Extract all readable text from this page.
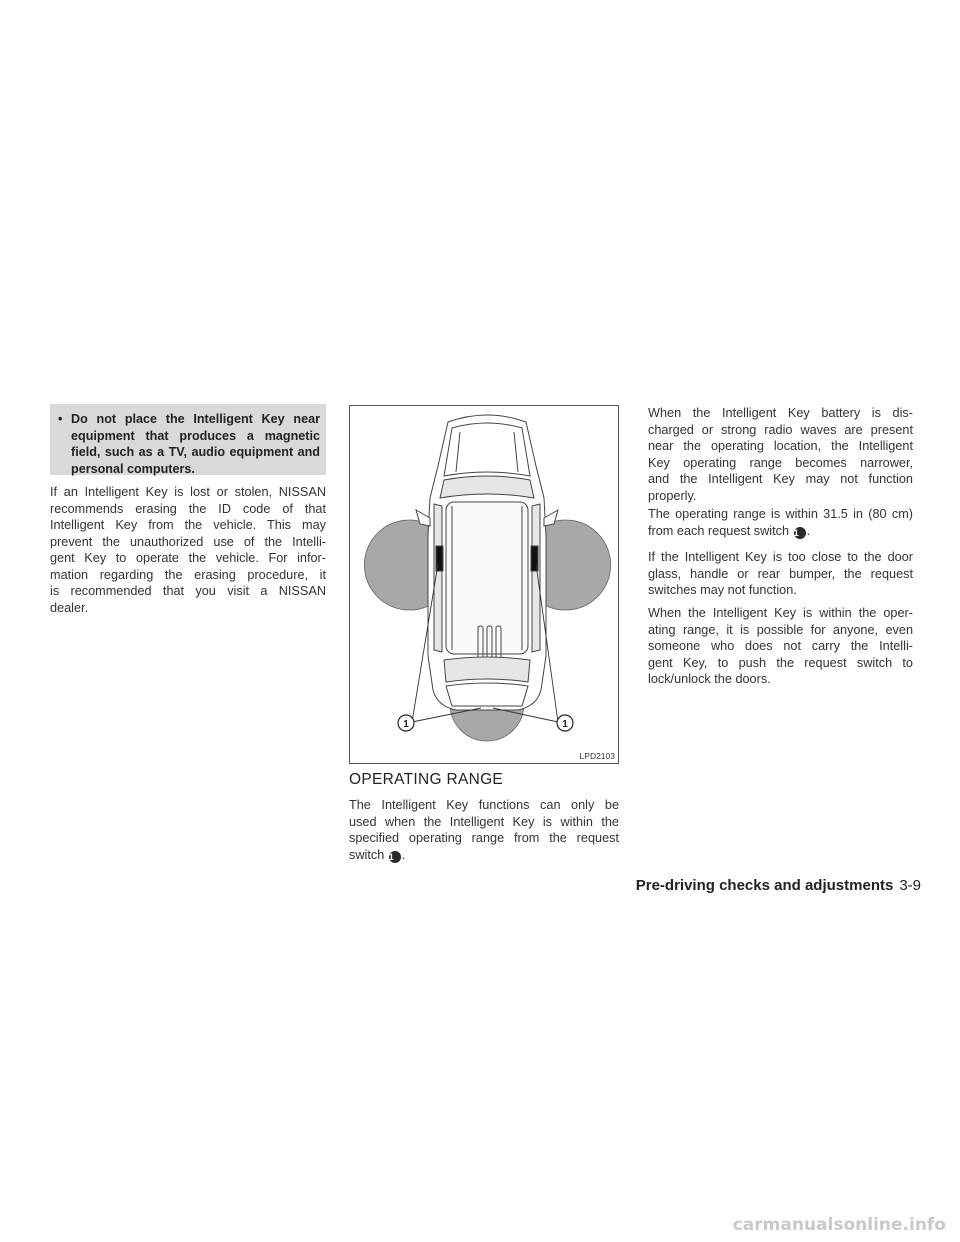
• Do not place the Intelligent Key near equipment that produces a magnetic field, such as a TV, audio equipment and personal computers.
If an Intelligent Key is lost or stolen, NISSAN
recommends erasing the ID code of that
Intelligent Key from the vehicle. This may
prevent the unauthorized use of the Intelli-
gent Key to operate the vehicle. For infor-
mation regarding the erasing procedure, it
is recommended that you visit a NISSAN
dealer.
1	1
LPD2103
OPERATING RANGE
The Intelligent Key functions can only be
used when the Intelligent Key is within the
specified operating range from the request
switch 1 .
When the Intelligent Key battery is dis-
charged or strong radio waves are present
near the operating location, the Intelligent
Key operating range becomes narrower,
and the Intelligent Key may not function
properly.
The operating range is within 31.5 in (80 cm)
from each request switch 1 .
If the Intelligent Key is too close to the door
glass, handle or rear bumper, the request
switches may not function.
When the Intelligent Key is within the oper-
ating range, it is possible for anyone, even
someone who does not carry the Intelli-
gent Key, to push the request switch to
lock/unlock the doors.
Pre-driving checks and adjustments 3-9
carmanualsonline.info
